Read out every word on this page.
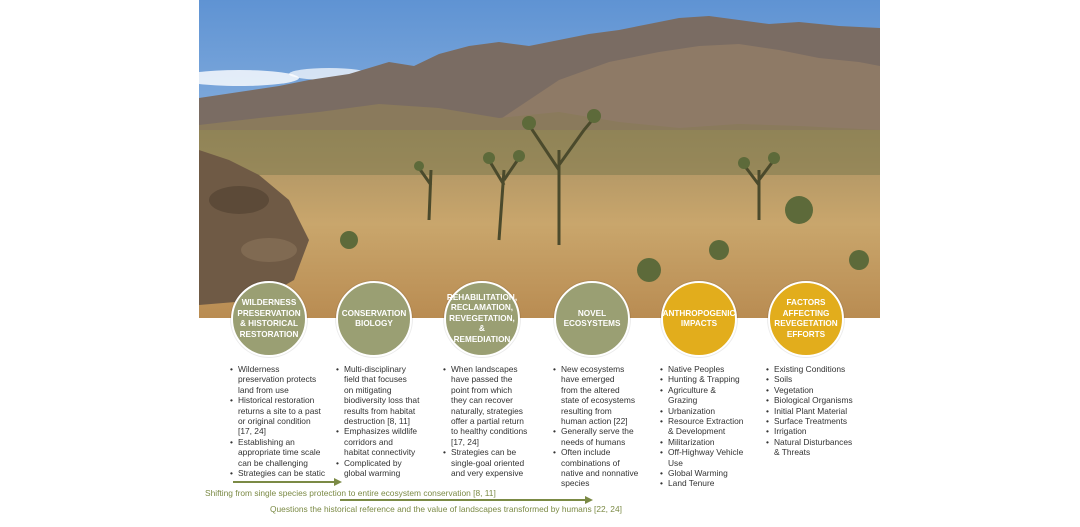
WILDERNESS
PRESERVATION
& HISTORICAL
RESTORATION
CONSERVATION
BIOLOGY
REHABILITATION,
RECLAMATION,
REVEGETATION, &
REMEDIATION
NOVEL
ECOSYSTEMS
ANTHROPOGENIC
IMPACTS
FACTORS
AFFECTING
REVEGETATION
EFFORTS
• Wilderness
preservation protects
land from use
• Historical restoration
returns a site to a past
or original condition
[17, 24]
• Establishing an
appropriate time scale
can be challenging
• Strategies can be static
• Multi-disciplinary
field that focuses
on mitigating
biodiversity loss that
results from habitat
destruction [8, 11]
• Emphasizes wildlife
corridors and
habitat connectivity
• Complicated by
global warming
• When landscapes
have passed the
point from which
they can recover
naturally, strategies
offer a partial return
to healthy conditions
[17, 24]
• Strategies can be
single-goal oriented
and very expensive
• New ecosystems
have emerged
from the altered
state of ecosystems
resulting from
human action [22]
• Generally serve the
needs of humans
• Often include
combinations of
native and nonnative
species
• Native Peoples
• Hunting & Trapping
• Agriculture &
Grazing
• Urbanization
• Resource Extraction
& Development
• Militarization
• Off-Highway Vehicle
Use
• Global Warming
• Land Tenure
• Existing Conditions
• Soils
• Vegetation
• Biological Organisms
• Initial Plant Material
• Surface Treatments
• Irrigation
• Natural Disturbances
& Threats
Shifting from single species protection to entire ecosystem conservation [8, 11]
Questions the historical reference and the value of landscapes transformed by humans [22, 24]
